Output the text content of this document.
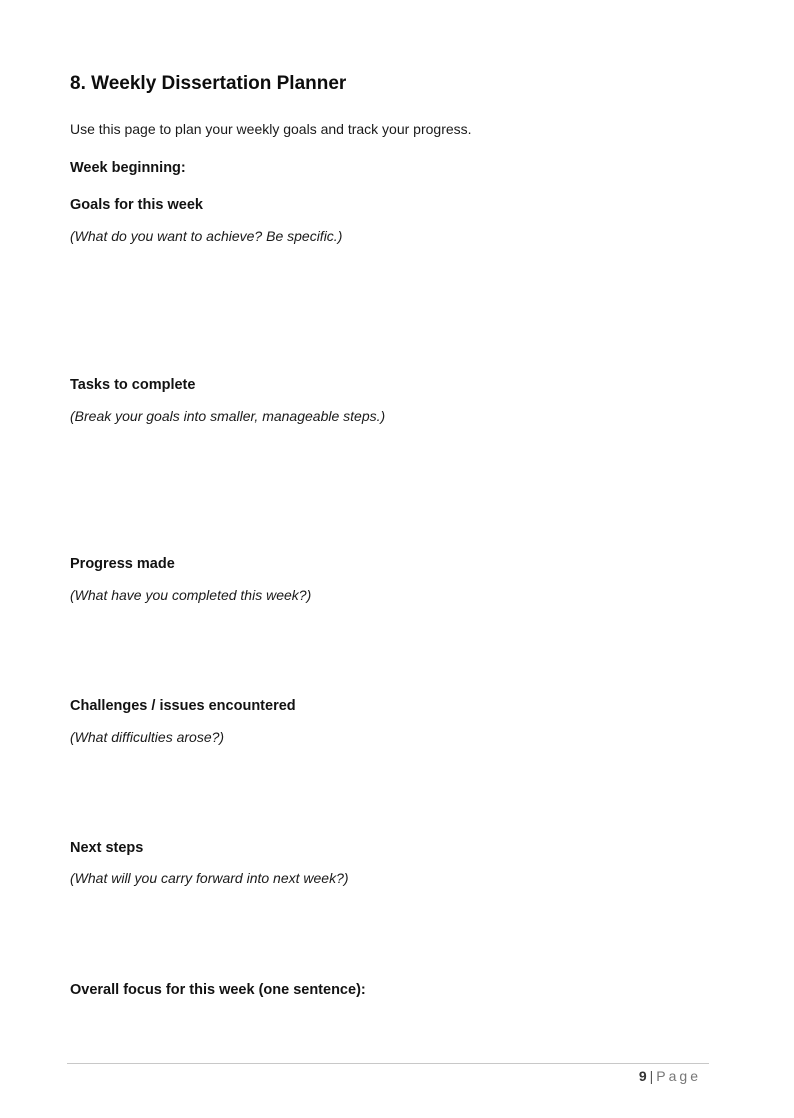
8. Weekly Dissertation Planner
Use this page to plan your weekly goals and track your progress.
Week beginning:
Goals for this week
(What do you want to achieve? Be specific.)
Tasks to complete
(Break your goals into smaller, manageable steps.)
Progress made
(What have you completed this week?)
Challenges / issues encountered
(What difficulties arose?)
Next steps
(What will you carry forward into next week?)
Overall focus for this week (one sentence):
9 | Page
